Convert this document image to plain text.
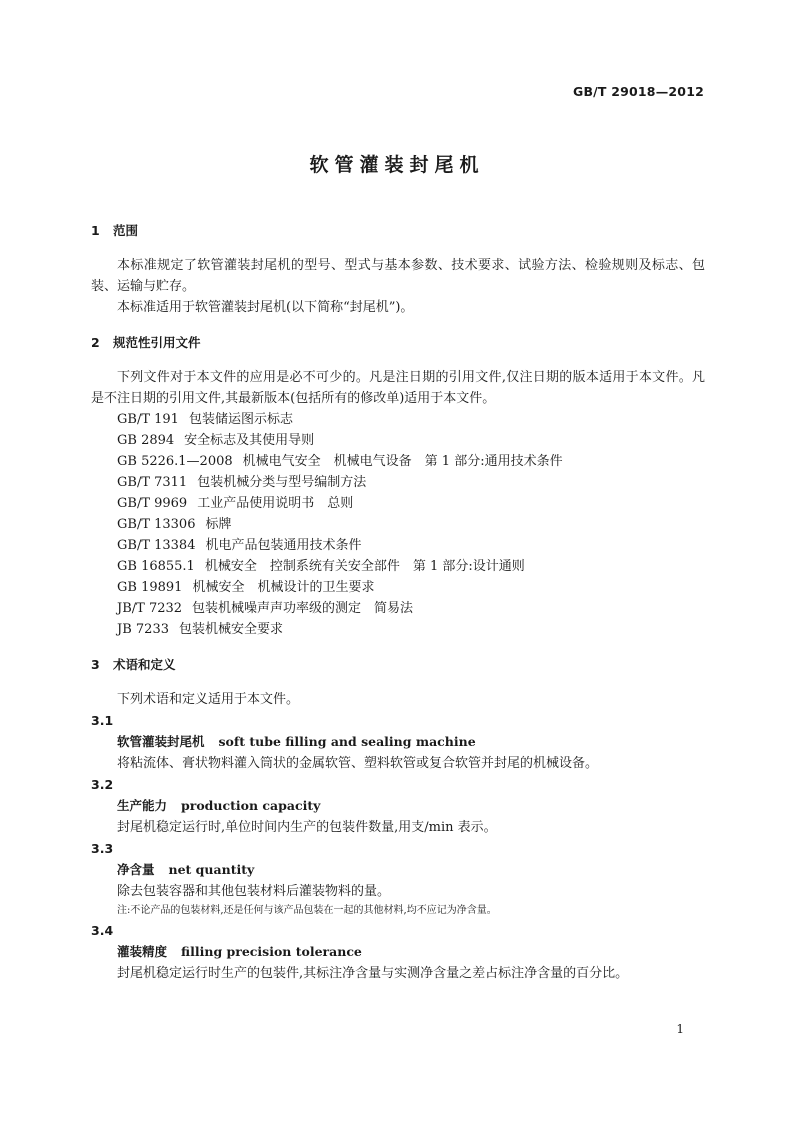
GB/T 29018—2012
软管灌装封尾机
1 范围
本标准规定了软管灌装封尾机的型号、型式与基本参数、技术要求、试验方法、检验规则及标志、包装、运输与贮存。
本标准适用于软管灌装封尾机(以下简称“封尾机”)。
2 规范性引用文件
下列文件对于本文件的应用是必不可少的。凡是注日期的引用文件,仅注日期的版本适用于本文件。凡是不注日期的引用文件,其最新版本(包括所有的修改单)适用于本文件。
GB/T 191 包装储运图示标志
GB 2894 安全标志及其使用导则
GB 5226.1—2008 机械电气安全　机械电气设备　第 1 部分:通用技术条件
GB/T 7311 包装机械分类与型号编制方法
GB/T 9969 工业产品使用说明书　总则
GB/T 13306 标牌
GB/T 13384 机电产品包装通用技术条件
GB 16855.1 机械安全　控制系统有关安全部件　第 1 部分:设计通则
GB 19891 机械安全　机械设计的卫生要求
JB/T 7232 包装机械噪声声功率级的测定　简易法
JB 7233 包装机械安全要求
3 术语和定义
下列术语和定义适用于本文件。
3.1
软管灌装封尾机 soft tube filling and sealing machine
将粘流体、膏状物料灌入筒状的金属软管、塑料软管或复合软管并封尾的机械设备。
3.2
生产能力 production capacity
封尾机稳定运行时,单位时间内生产的包装件数量,用支/min 表示。
3.3
净含量 net quantity
除去包装容器和其他包装材料后灌装物料的量。
注:不论产品的包装材料,还是任何与该产品包装在一起的其他材料,均不应记为净含量。
3.4
灌装精度 filling precision tolerance
封尾机稳定运行时生产的包装件,其标注净含量与实测净含量之差占标注净含量的百分比。
1
